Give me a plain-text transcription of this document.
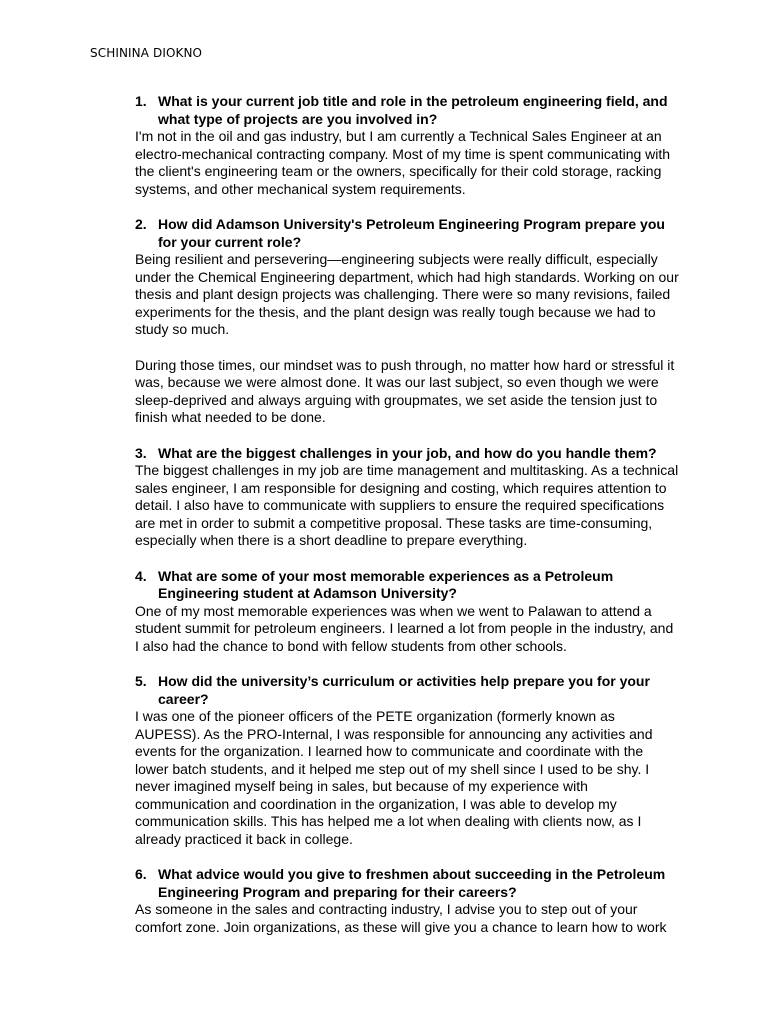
SCHININA DIOKNO
1. What is your current job title and role in the petroleum engineering field, and what type of projects are you involved in?

I'm not in the oil and gas industry, but I am currently a Technical Sales Engineer at an electro-mechanical contracting company. Most of my time is spent communicating with the client's engineering team or the owners, specifically for their cold storage, racking systems, and other mechanical system requirements.

2. How did Adamson University's Petroleum Engineering Program prepare you for your current role?

Being resilient and persevering—engineering subjects were really difficult, especially under the Chemical Engineering department, which had high standards. Working on our thesis and plant design projects was challenging. There were so many revisions, failed experiments for the thesis, and the plant design was really tough because we had to study so much.

During those times, our mindset was to push through, no matter how hard or stressful it was, because we were almost done. It was our last subject, so even though we were sleep-deprived and always arguing with groupmates, we set aside the tension just to finish what needed to be done.

3. What are the biggest challenges in your job, and how do you handle them?

The biggest challenges in my job are time management and multitasking. As a technical sales engineer, I am responsible for designing and costing, which requires attention to detail. I also have to communicate with suppliers to ensure the required specifications are met in order to submit a competitive proposal. These tasks are time-consuming, especially when there is a short deadline to prepare everything.

4. What are some of your most memorable experiences as a Petroleum Engineering student at Adamson University?

One of my most memorable experiences was when we went to Palawan to attend a student summit for petroleum engineers. I learned a lot from people in the industry, and I also had the chance to bond with fellow students from other schools.

5. How did the university’s curriculum or activities help prepare you for your career?

I was one of the pioneer officers of the PETE organization (formerly known as AUPESS). As the PRO-Internal, I was responsible for announcing any activities and events for the organization. I learned how to communicate and coordinate with the lower batch students, and it helped me step out of my shell since I used to be shy. I never imagined myself being in sales, but because of my experience with communication and coordination in the organization, I was able to develop my communication skills. This has helped me a lot when dealing with clients now, as I already practiced it back in college.

6. What advice would you give to freshmen about succeeding in the Petroleum Engineering Program and preparing for their careers?

As someone in the sales and contracting industry, I advise you to step out of your comfort zone. Join organizations, as these will give you a chance to learn how to work
